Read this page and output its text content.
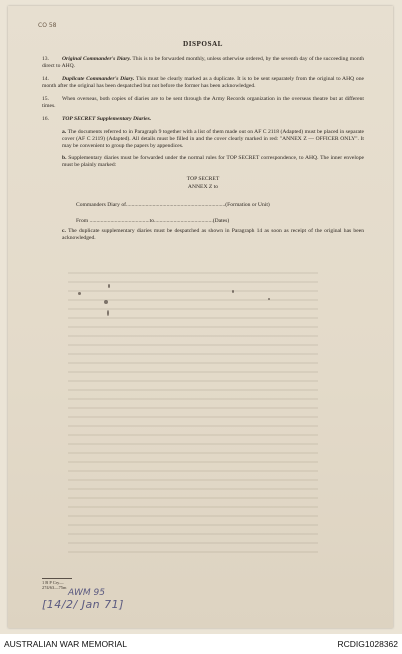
CO 58
DISPOSAL
13. Original Commander's Diary. This is to be forwarded monthly, unless otherwise ordered, by the seventh day of the succeeding month direct to AHQ.
14. Duplicate Commander's Diary. This must be clearly marked as a duplicate. It is to be sent separately from the original to AHQ one month after the original has been despatched but not before the former has been acknowledged.
15. When overseas, both copies of diaries are to be sent through the Army Records organization in the overseas theatre but at different times.
16. TOP SECRET Supplementary Diaries.
a. The documents referred to in Paragraph 9 together with a list of them made out on AF C 2118 (Adapted) must be placed in separate cover (AF C 2119) (Adapted). All details must be filled in and the cover clearly marked in red: "ANNEX Z — OFFICER ONLY". It may be convenient to group the papers by appendices.
b. Supplementary diaries must be forwarded under the normal rules for TOP SECRET correspondence, to AHQ. The inner envelope must be plainly marked:
TOP SECRET
ANNEX Z to
Commanders Diary of.......................................................................(Formation or Unit)
From ...........................................to..........................................(Dates)
c. The duplicate supplementary diaries must be despatched as shown in Paragraph 14 as soon as receipt of the original has been acknowledged.
1 B P Cry—274/63—75m
AWM 95
[14/2/ Jan 71]
AUSTRALIAN WAR MEMORIAL	RCDIG1028362
